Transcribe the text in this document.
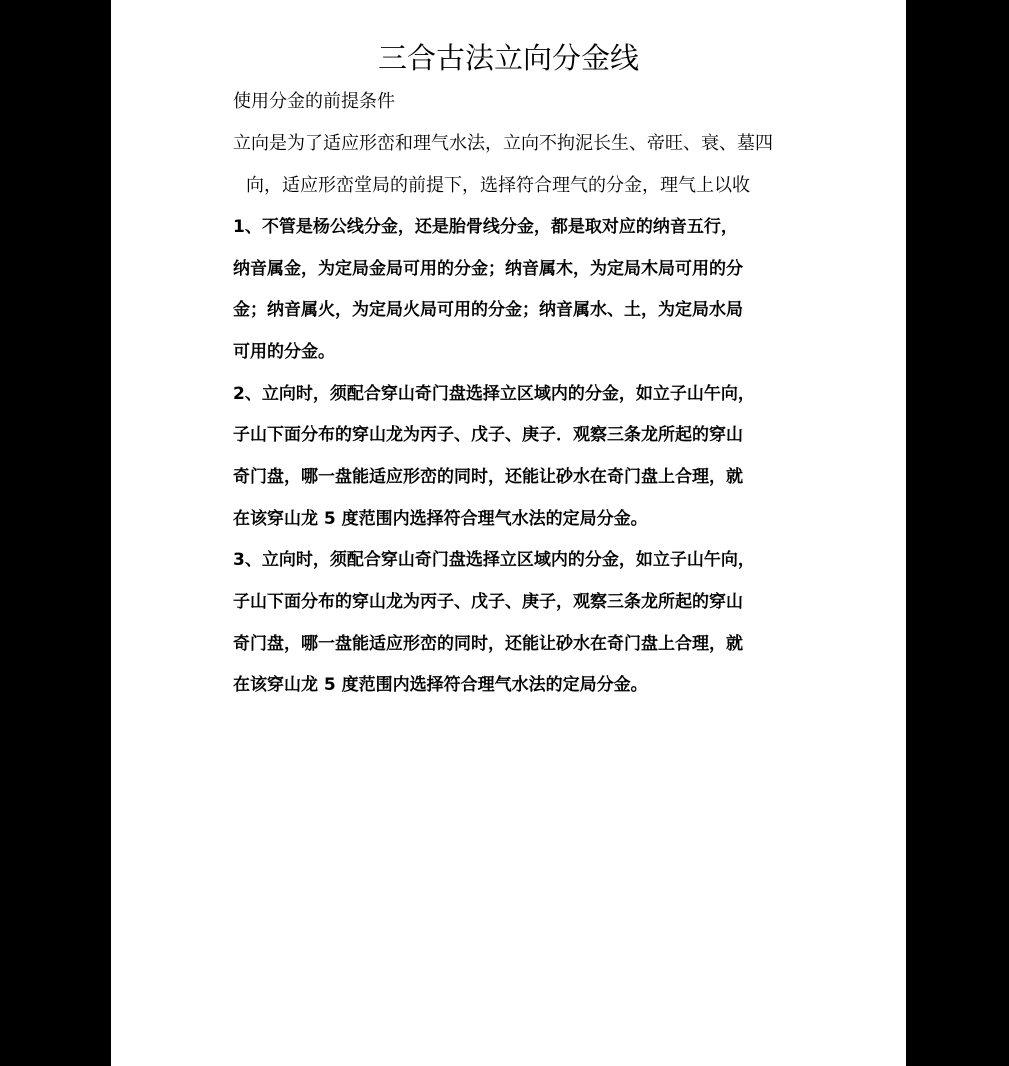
三合古法立向分金线
使用分金的前提条件
立向是为了适应形峦和理气水法，立向不拘泥长生、帝旺、衰、墓四
向，适应形峦堂局的前提下，选择符合理气的分金，理气上以收
1、不管是杨公线分金，还是胎骨线分金，都是取对应的纳音五行，
纳音属金，为定局金局可用的分金；纳音属木，为定局木局可用的分
金；纳音属火，为定局火局可用的分金；纳音属水、土，为定局水局
可用的分金。
2、立向时，须配合穿山奇门盘选择立区域内的分金，如立子山午向，
子山下面分布的穿山龙为丙子、戊子、庚子．观察三条龙所起的穿山
奇门盘，哪一盘能适应形峦的同时，还能让砂水在奇门盘上合理，就
在该穿山龙 5 度范围内选择符合理气水法的定局分金。
3、立向时，须配合穿山奇门盘选择立区域内的分金，如立子山午向，
子山下面分布的穿山龙为丙子、戊子、庚子，观察三条龙所起的穿山
奇门盘，哪一盘能适应形峦的同时，还能让砂水在奇门盘上合理，就
在该穿山龙 5 度范围内选择符合理气水法的定局分金。
